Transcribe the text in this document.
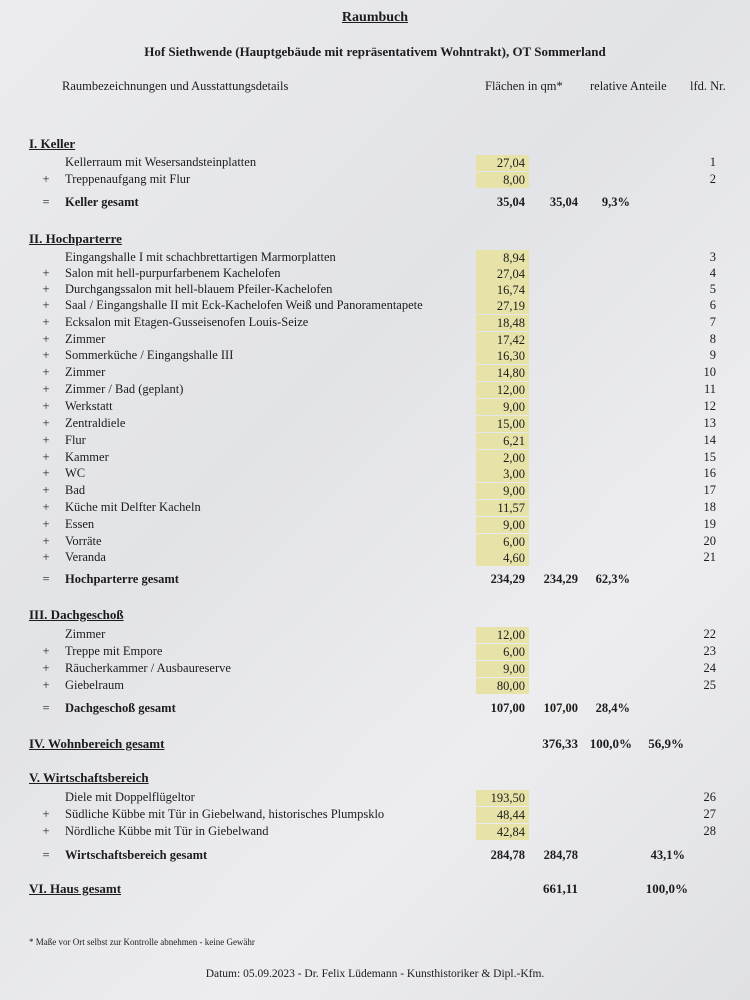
Raumbuch
Hof Siethwende (Hauptgebäude mit repräsentativem Wohntrakt), OT Sommerland
Raumbezeichnungen und Ausstattungsdetails	Flächen in qm* relative Anteile lfd. Nr.
I. Keller
Kellerraum mit Wesersandsteinplatten	27,04	1
+ Treppenaufgang mit Flur	8,00	2
= Keller gesamt	35,04	35,04	9,3%
II. Hochparterre
Eingangshalle I mit schachbrettartigen Marmorplatten	8,94	3
+ Salon mit hell-purpurfarbenem Kachelofen	27,04	4
+ Durchgangssalon mit hell-blauem Pfeiler-Kachelofen	16,74	5
+ Saal / Eingangshalle II mit Eck-Kachelofen Weiß und Panoramentapete	27,19	6
+ Ecksalon mit Etagen-Gusseisenofen Louis-Seize	18,48	7
+ Zimmer	17,42	8
+ Sommerküche / Eingangshalle III	16,30	9
+ Zimmer	14,80	10
+ Zimmer / Bad (geplant)	12,00	11
+ Werkstatt	9,00	12
+ Zentraldiele	15,00	13
+ Flur	6,21	14
+ Kammer	2,00	15
+ WC	3,00	16
+ Bad	9,00	17
+ Küche mit Delfter Kacheln	11,57	18
+ Essen	9,00	19
+ Vorräte	6,00	20
+ Veranda	4,60	21
= Hochparterre gesamt	234,29	234,29	62,3%
III. Dachgeschoß
Zimmer	12,00	22
+ Treppe mit Empore	6,00	23
+ Räucherkammer / Ausbaureserve	9,00	24
+ Giebelraum	80,00	25
= Dachgeschoß gesamt	107,00	107,00	28,4%
IV. Wohnbereich gesamt	376,33 100,0%	56,9%
V. Wirtschaftsbereich
Diele mit Doppelflügeltor	193,50	26
+ Südliche Kübbe mit Tür in Giebelwand, historisches Plumpsklo	48,44	27
+ Nördliche Kübbe mit Tür in Giebelwand	42,84	28
= Wirtschaftsbereich gesamt	284,78	284,78	43,1%
VI. Haus gesamt	661,11	100,0%
* Maße vor Ort selbst zur Kontrolle abnehmen - keine Gewähr
Datum: 05.09.2023 - Dr. Felix Lüdemann - Kunsthistoriker & Dipl.-Kfm.
